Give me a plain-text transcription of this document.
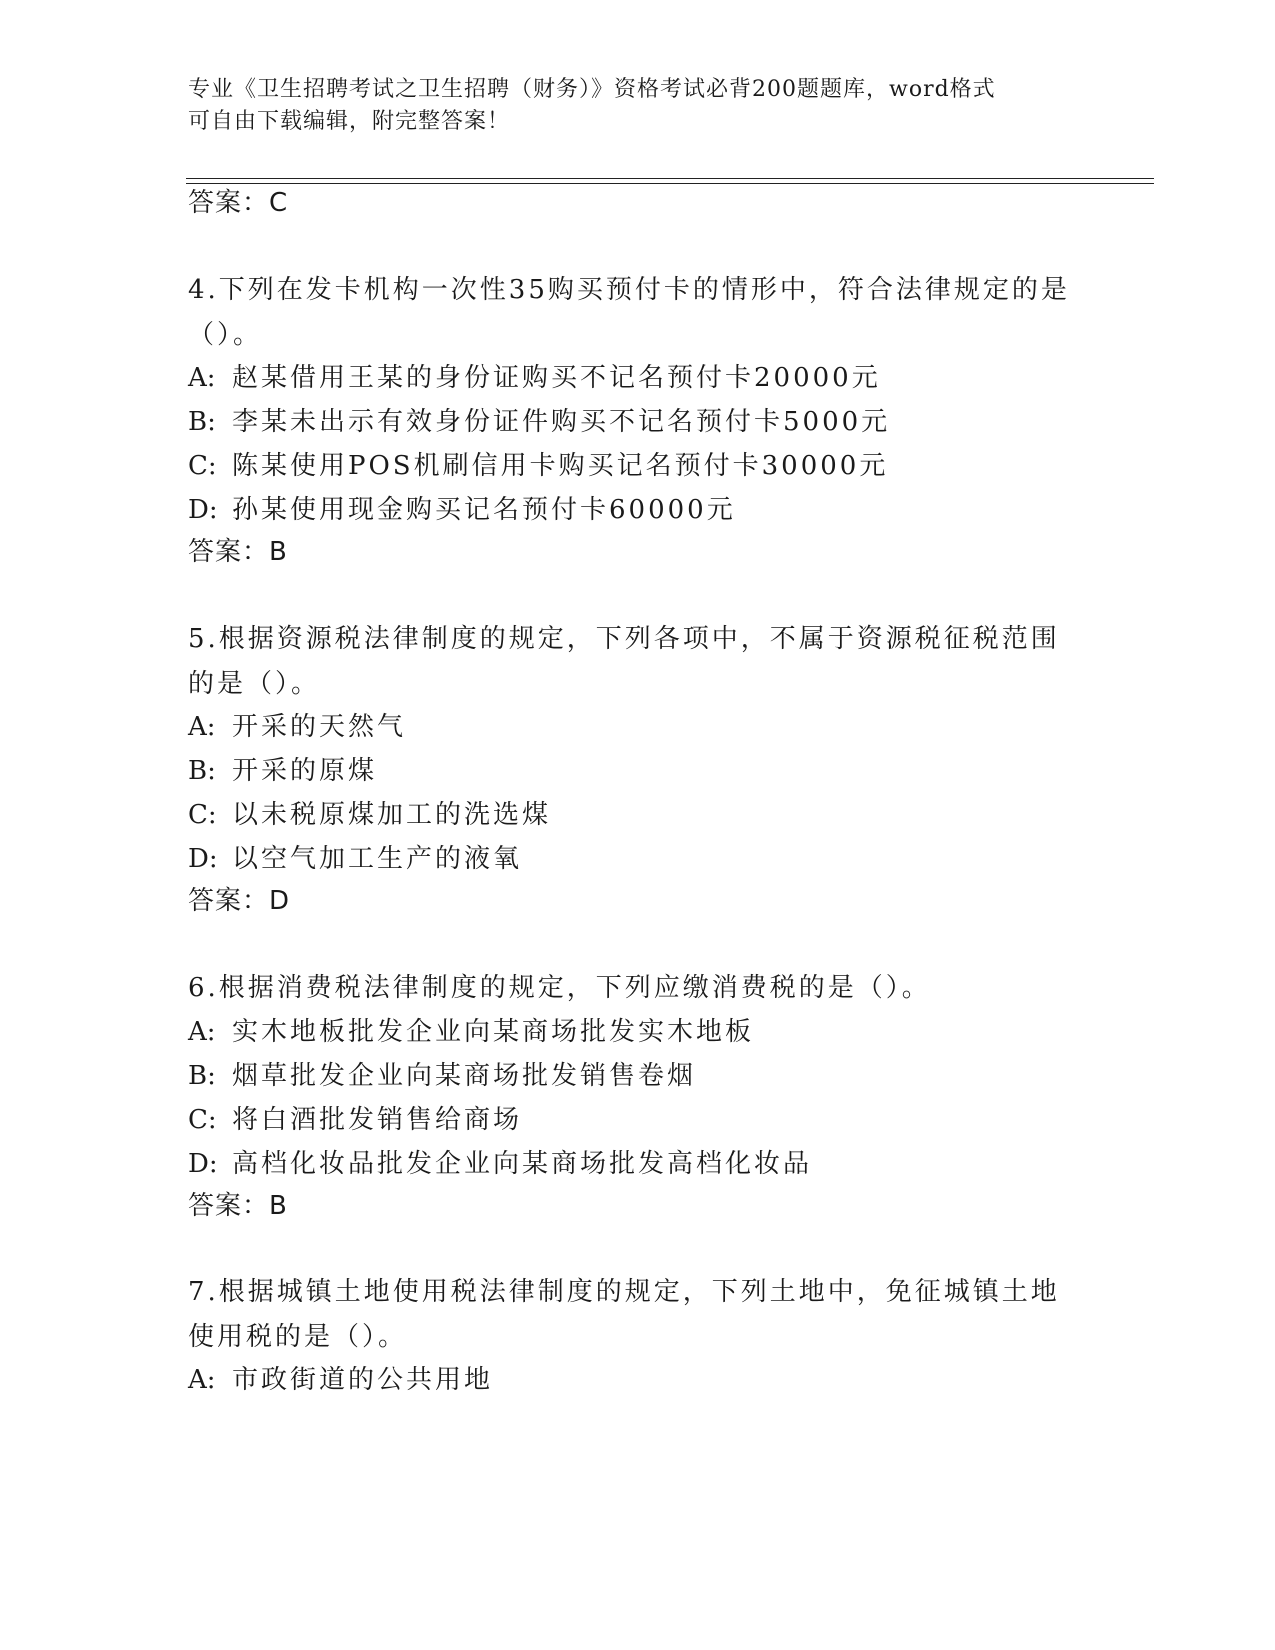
专业《卫生招聘考试之卫生招聘（财务）》资格考试必背200题题库，word格式
可自由下载编辑，附完整答案！
答案：C
4.下列在发卡机构一次性35购买预付卡的情形中，符合法律规定的是
（）。
A: 赵某借用王某的身份证购买不记名预付卡20000元
B: 李某未出示有效身份证件购买不记名预付卡5000元
C: 陈某使用POS机刷信用卡购买记名预付卡30000元
D: 孙某使用现金购买记名预付卡60000元
答案：B
5.根据资源税法律制度的规定，下列各项中，不属于资源税征税范围
的是（）。
A: 开采的天然气
B: 开采的原煤
C: 以未税原煤加工的洗选煤
D: 以空气加工生产的液氧
答案：D
6.根据消费税法律制度的规定，下列应缴消费税的是（）。
A: 实木地板批发企业向某商场批发实木地板
B: 烟草批发企业向某商场批发销售卷烟
C: 将白酒批发销售给商场
D: 高档化妆品批发企业向某商场批发高档化妆品
答案：B
7.根据城镇土地使用税法律制度的规定，下列土地中，免征城镇土地
使用税的是（）。
A: 市政街道的公共用地
